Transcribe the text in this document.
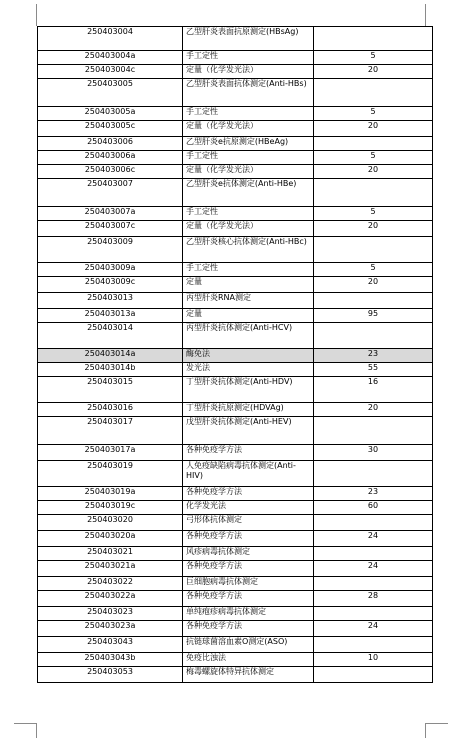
250403004	乙型肝炎表面抗原测定(HBsAg)	
250403004a	手工定性	5
250403004c	定量（化学发光法）	20
250403005	乙型肝炎表面抗体测定(Anti-HBs)	
250403005a	手工定性	5
250403005c	定量（化学发光法）	20
250403006	乙型肝炎e抗原测定(HBeAg)	
250403006a	手工定性	5
250403006c	定量（化学发光法）	20
250403007	乙型肝炎e抗体测定(Anti-HBe)	
250403007a	手工定性	5
250403007c	定量（化学发光法）	20
250403009	乙型肝炎核心抗体测定(Anti-HBc)	
250403009a	手工定性	5
250403009c	定量	20
250403013	丙型肝炎RNA测定	
250403013a	定量	95
250403014	丙型肝炎抗体测定(Anti-HCV)	
250403014a	酶免法	23
250403014b	发光法	55
250403015	丁型肝炎抗体测定(Anti-HDV)	16
250403016	丁型肝炎抗原测定(HDVAg)	20
250403017	戊型肝炎抗体测定(Anti-HEV)	
250403017a	各种免疫学方法	30
250403019	人免疫缺陷病毒抗体测定(Anti-HIV)	
250403019a	各种免疫学方法	23
250403019c	化学发光法	60
250403020	弓形体抗体测定	
250403020a	各种免疫学方法	24
250403021	风疹病毒抗体测定	
250403021a	各种免疫学方法	24
250403022	巨细胞病毒抗体测定	
250403022a	各种免疫学方法	28
250403023	单纯疱疹病毒抗体测定	
250403023a	各种免疫学方法	24
250403043	抗链球菌溶血素O测定(ASO)	
250403043b	免疫比浊法	10
250403053	梅毒螺旋体特异抗体测定	
